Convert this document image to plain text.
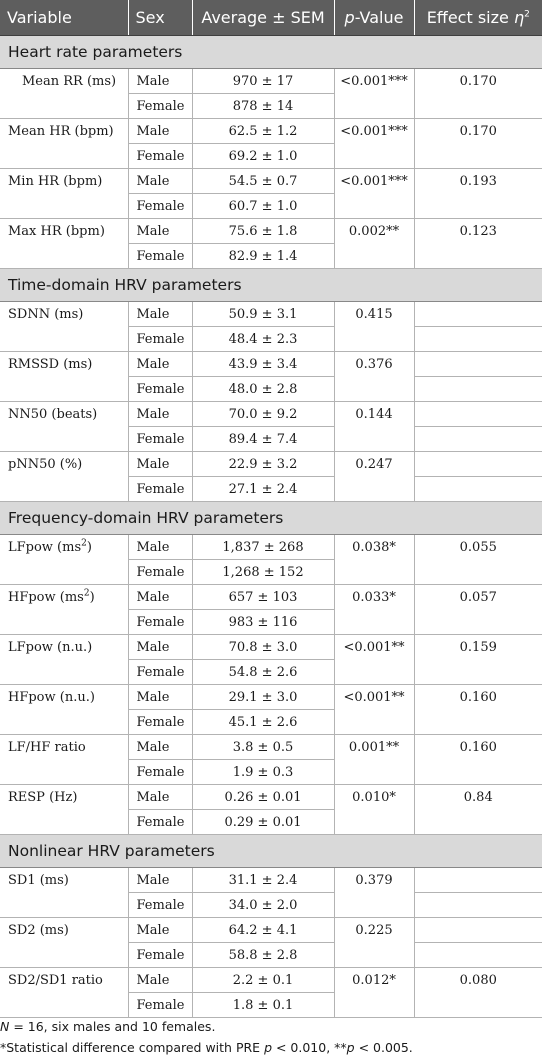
Variable	Sex	Average ± SEM	p-Value	Effect size $\eta^2$
Heart rate parameters				
Mean RR (ms)	Male	970 ± 17	<0.001***	0.170
	Female	878 ± 14		
Mean HR (bpm)	Male	62.5 ± 1.2	<0.001***	0.170
	Female	69.2 ± 1.0		
Min HR (bpm)	Male	54.5 ± 0.7	<0.001***	0.193
	Female	60.7 ± 1.0		
Max HR (bpm)	Male	75.6 ± 1.8	0.002**	0.123
	Female	82.9 ± 1.4		
Time-domain HRV parameters				
SDNN (ms)	Male	50.9 ± 3.1	0.415	
	Female	48.4 ± 2.3		
RMSSD (ms)	Male	43.9 ± 3.4	0.376	
	Female	48.0 ± 2.8		
NN50 (beats)	Male	70.0 ± 9.2	0.144	
	Female	89.4 ± 7.4		
pNN50 (%)	Male	22.9 ± 3.2	0.247	
	Female	27.1 ± 2.4		
Frequency-domain HRV parameters				
LFpow $(ms^2)$	Male	1,837 ± 268	0.038*	0.055
	Female	1,268 ± 152		
HFpow $(ms^2)$	Male	657 ± 103	0.033*	0.057
	Female	983 ± 116		
LFpow (n.u.)	Male	70.8 ± 3.0	<0.001**	0.159
	Female	54.8 ± 2.6		
HFpow (n.u.)	Male	29.1 ± 3.0	<0.001**	0.160
	Female	45.1 ± 2.6		
LF/HF ratio	Male	3.8 ± 0.5	0.001**	0.160
	Female	1.9 ± 0.3		
RESP (Hz)	Male	0.26 ± 0.01	0.010*	0.84
	Female	0.29 ± 0.01		
Nonlinear HRV parameters				
SD1 (ms)	Male	31.1 ± 2.4	0.379	
	Female	34.0 ± 2.0		
SD2 (ms)	Male	64.2 ± 4.1	0.225	
	Female	58.8 ± 2.8		
SD2/SD1 ratio	Male	2.2 ± 0.1	0.012*	0.080
	Female	1.8 ± 0.1		
N = 16, six males and 10 females.
*Statistical difference compared with PRE p < 0.010, **p < 0.005.
